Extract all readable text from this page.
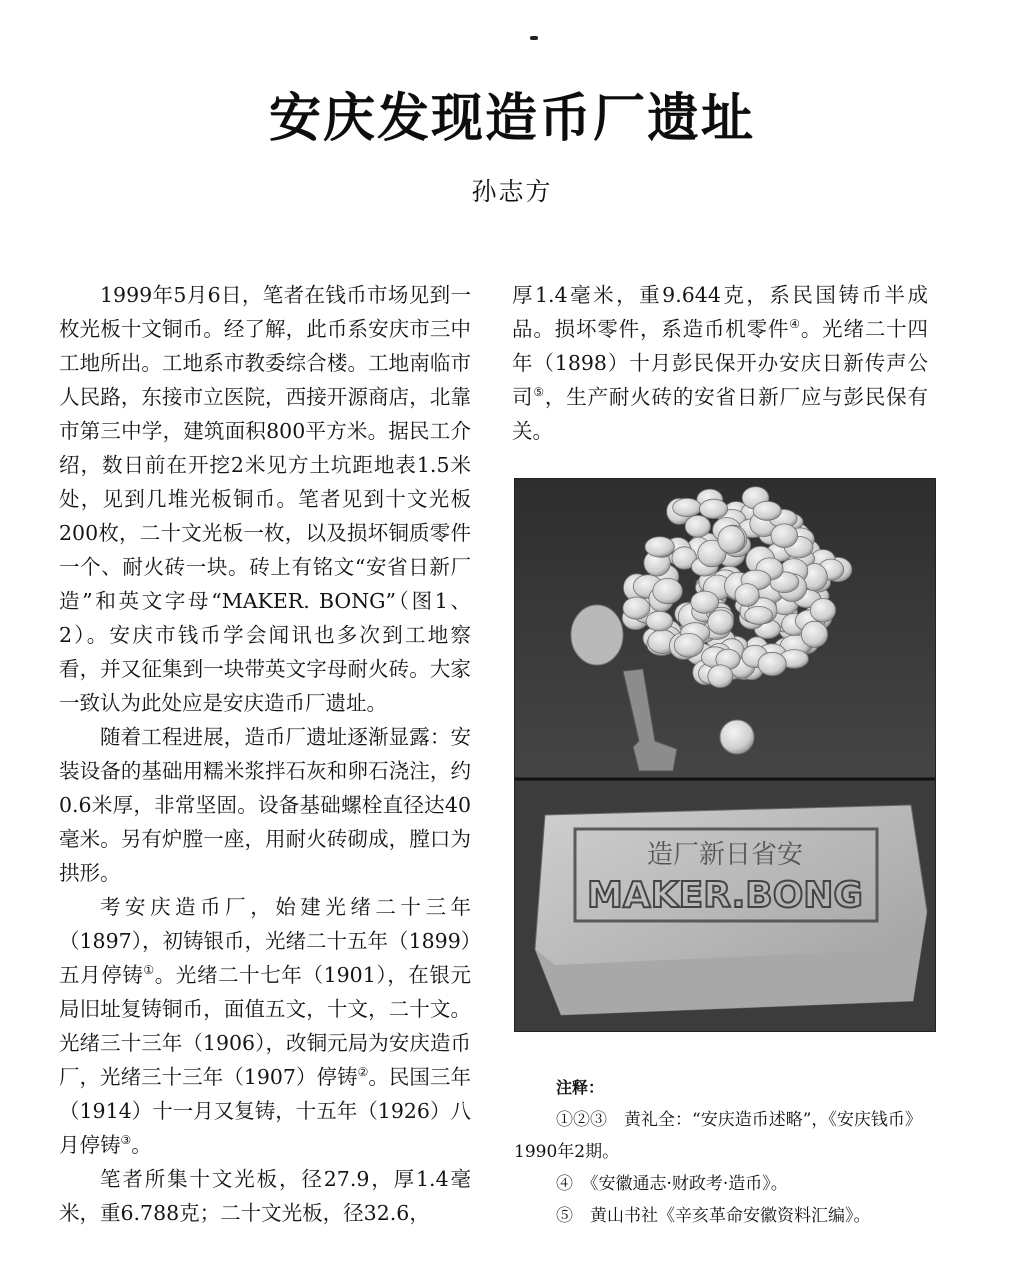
安庆发现造币厂遗址
孙志方

1999年5月6日，笔者在钱币市场见到一枚光板十文铜币。经了解，此币系安庆市三中工地所出。工地系市教委综合楼。工地南临市人民路，东接市立医院，西接开源商店，北靠市第三中学，建筑面积800平方米。据民工介绍，数日前在开挖2米见方土坑距地表1.5米处，见到几堆光板铜币。笔者见到十文光板200枚，二十文光板一枚，以及损坏铜质零件一个、耐火砖一块。砖上有铭文“安省日新厂造”和英文字母“MAKER. BONG”（图1、2）。安庆市钱币学会闻讯也多次到工地察看，并又征集到一块带英文字母耐火砖。大家一致认为此处应是安庆造币厂遗址。

随着工程进展，造币厂遗址逐渐显露：安装设备的基础用糯米浆拌石灰和卵石浇注，约0.6米厚，非常坚固。设备基础螺栓直径达40毫米。另有炉膛一座，用耐火砖砌成，膛口为拱形。

考安庆造币厂，始建光绪二十三年（1897），初铸银币，光绪二十五年（1899）五月停铸①。光绪二十七年（1901），在银元局旧址复铸铜币，面值五文，十文，二十文。光绪三十三年（1906），改铜元局为安庆造币厂，光绪三十三年（1907）停铸②。民国三年（1914）十一月又复铸，十五年（1926）八月停铸③。

笔者所集十文光板，径27.9，厚1.4毫米，重6.788克；二十文光板，径32.6，

厚1.4毫米，重9.644克，系民国铸币半成品。损坏零件，系造币机零件④。光绪二十四年（1898）十月彭民保开办安庆日新传声公司⑤，生产耐火砖的安省日新厂应与彭民保有关。

造厂新日省安
MAKER.BONG
注释：
①②③　黄礼全：“安庆造币述略”，《安庆钱币》1990年2期。
④　《安徽通志·财政考·造币》。
⑤　黄山书社《辛亥革命安徽资料汇编》。
